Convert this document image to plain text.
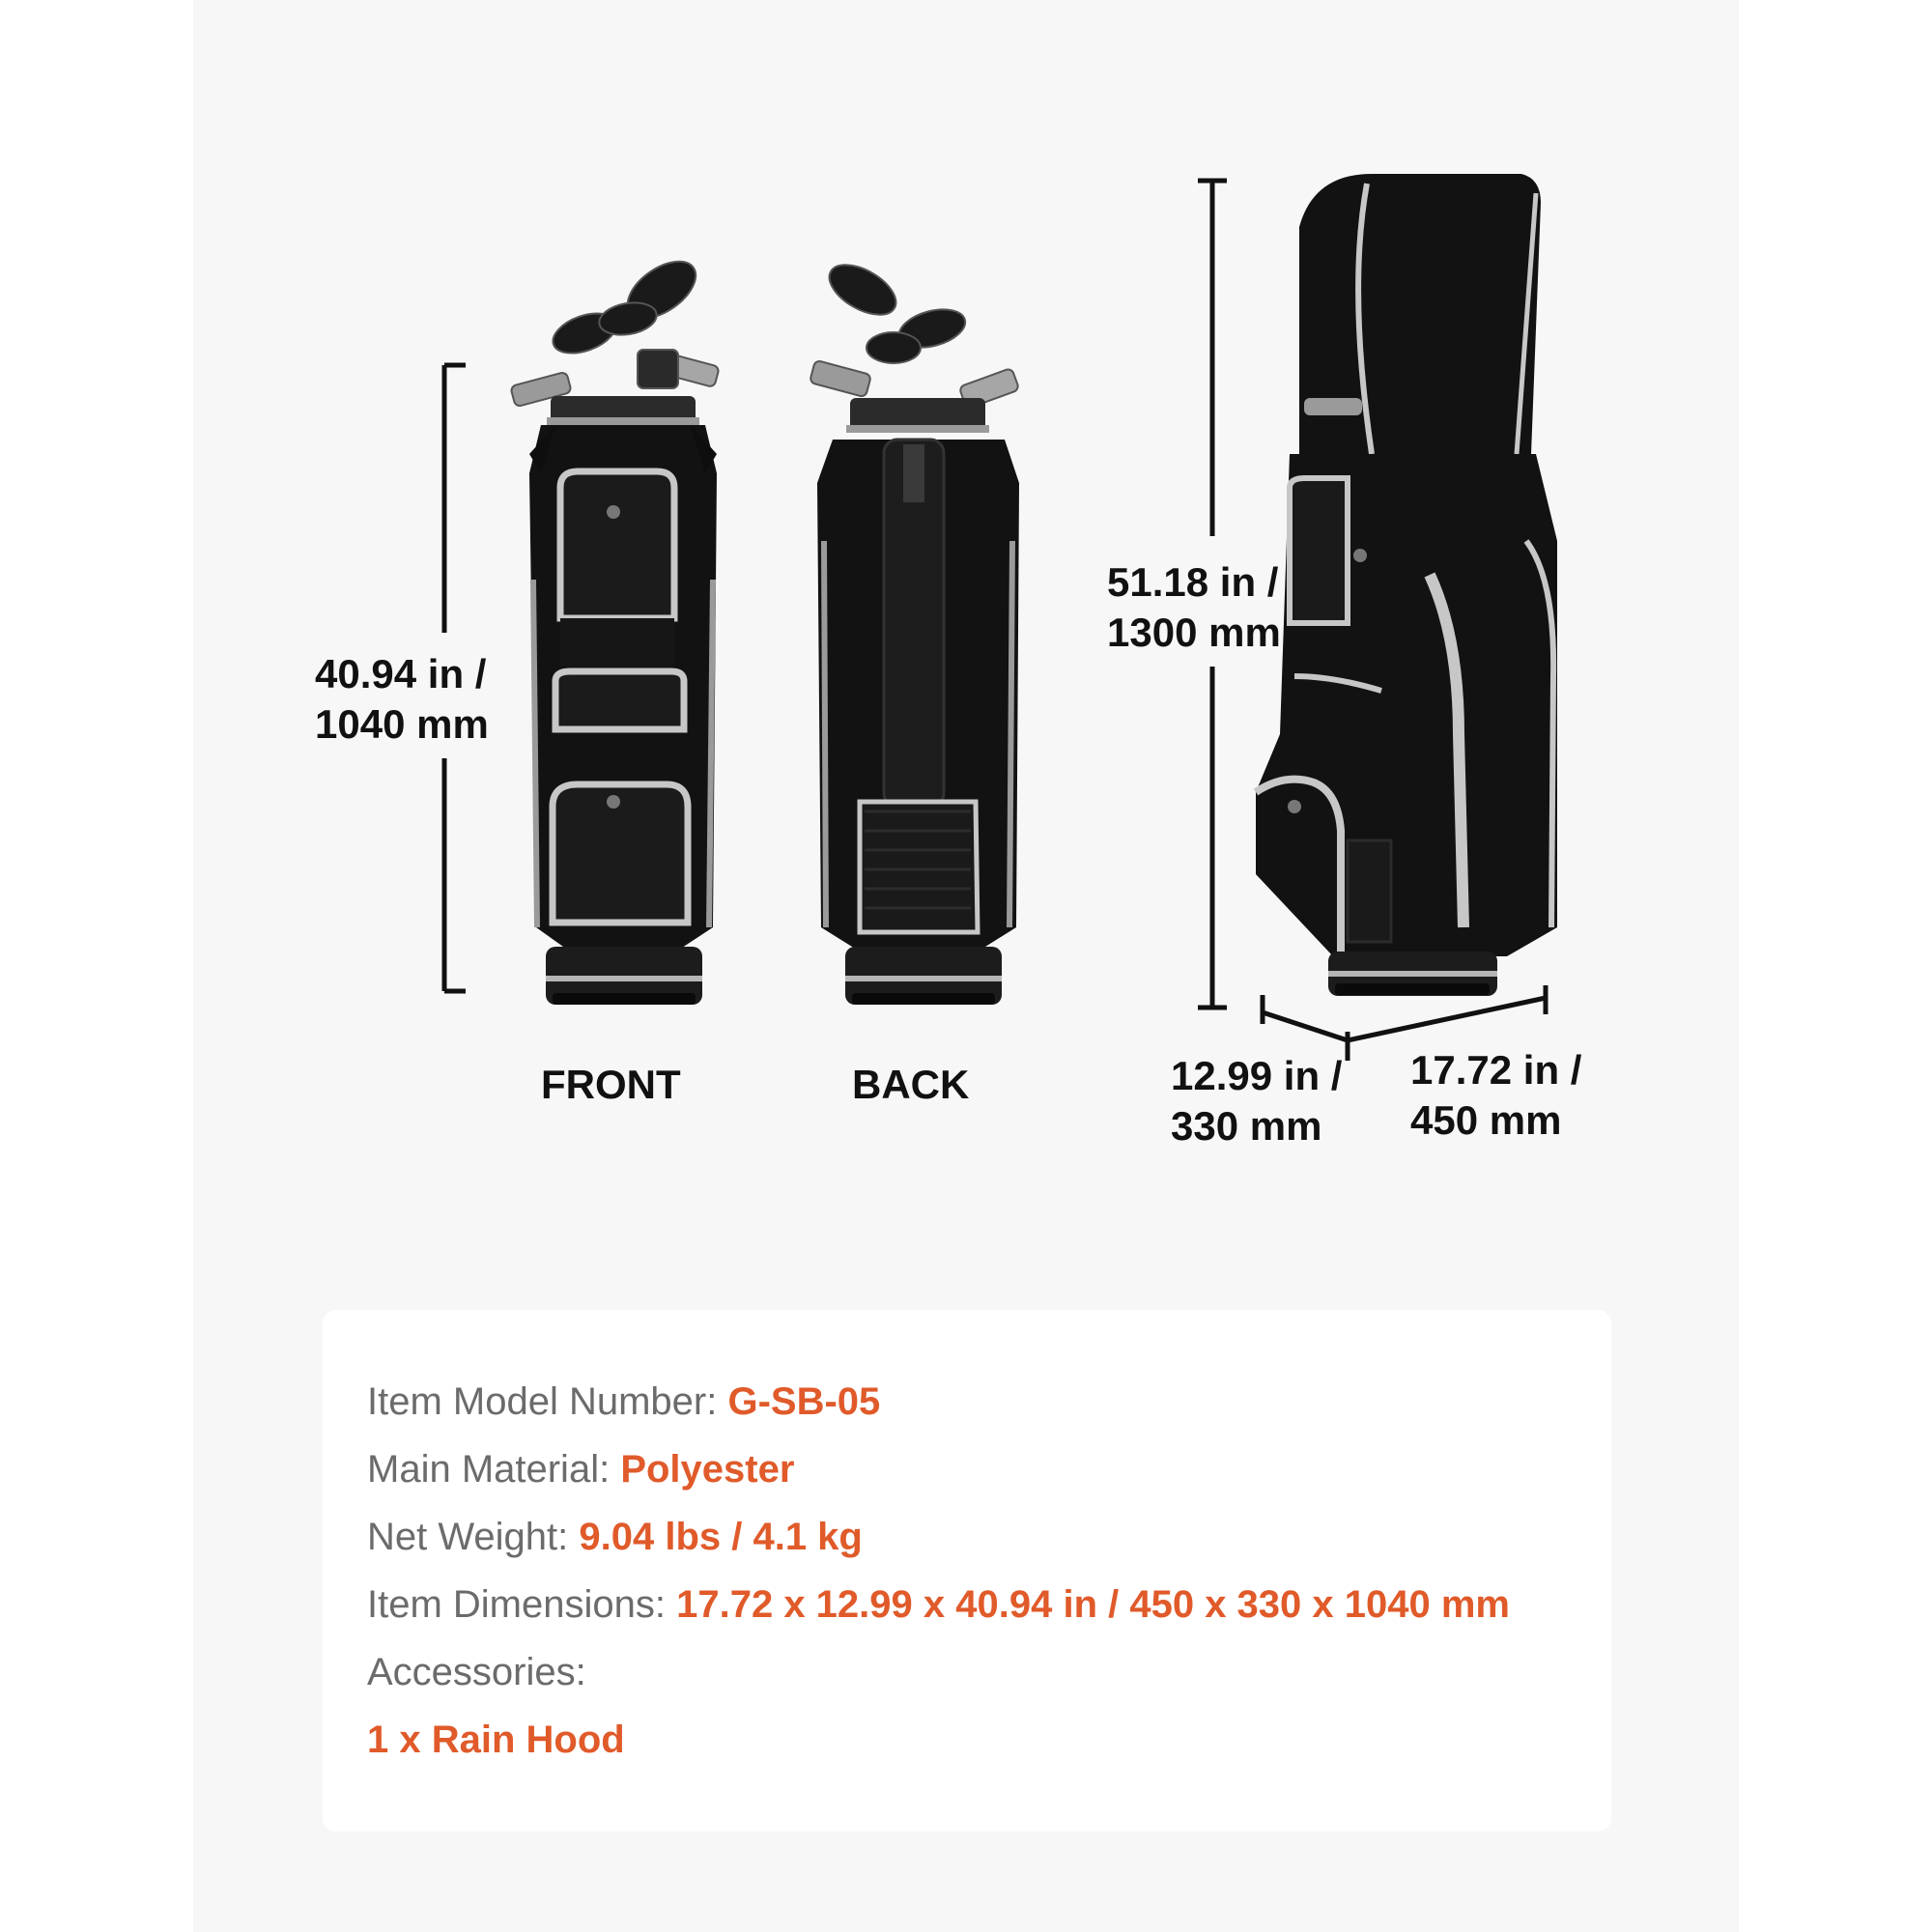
40.94 in /
1040 mm
51.18 in /
1300 mm
12.99 in /
330 mm
17.72 in /
450 mm
FRONT	BACK
Item Model Number: G-SB-05
Main Material: Polyester
Net Weight: 9.04 lbs / 4.1 kg
Item Dimensions: 17.72 x 12.99 x 40.94 in / 450 x 330 x 1040 mm
Accessories:
1 x Rain Hood
